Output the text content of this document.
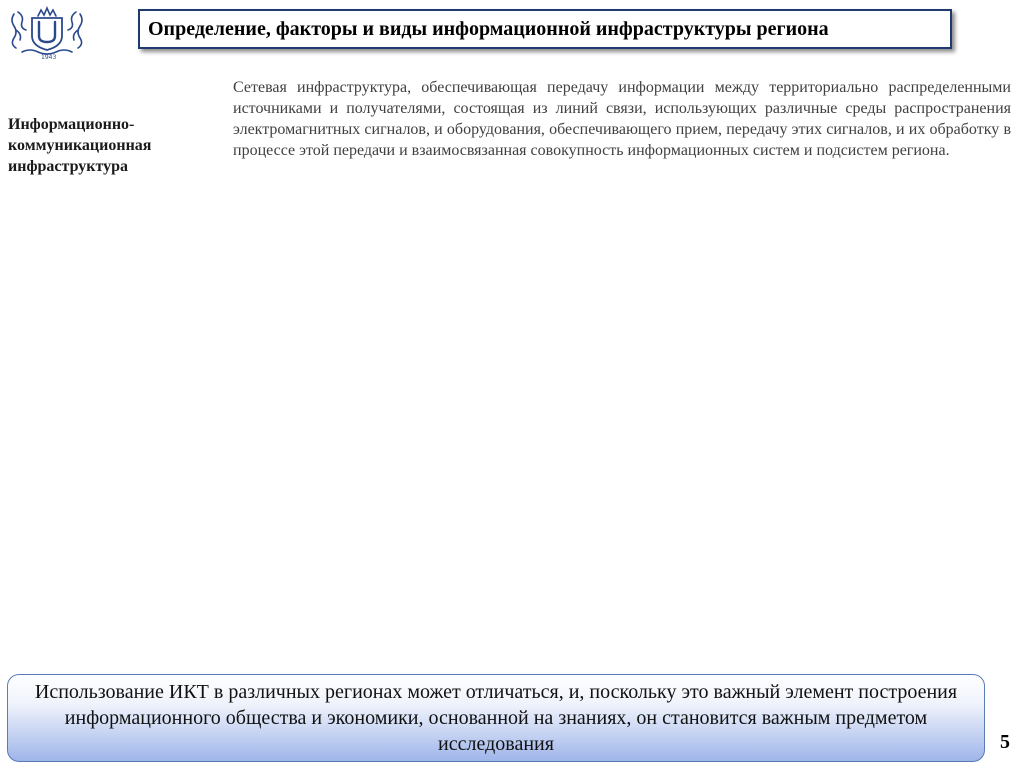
1943
Определение, факторы и виды информационной инфраструктуры региона
Информационно-коммуникационная инфраструктура
Сетевая инфраструктура, обеспечивающая передачу информации между территориально распределенными источниками и получателями, состоящая из линий связи, использующих различные среды распространения электромагнитных сигналов, и оборудования, обеспечивающего прием, передачу этих сигналов, и их обработку в процессе этой передачи и взаимосвязанная совокупность информационных систем и подсистем региона.
Использование ИКТ в различных регионах может отличаться, и, поскольку это важный элемент построения информационного общества и экономики, основанной на знаниях, он становится важным предметом исследования	5
